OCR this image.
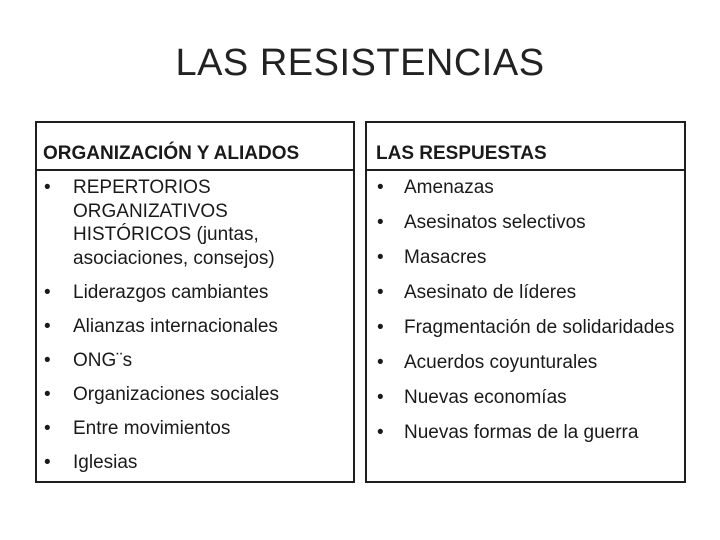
LAS RESISTENCIAS
ORGANIZACIÓN Y ALIADOS
• REPERTORIOS ORGANIZATIVOS HISTÓRICOS (juntas, asociaciones, consejos)
• Liderazgos cambiantes
• Alianzas internacionales
• ONG¨s
• Organizaciones sociales
• Entre movimientos
• Iglesias
LAS RESPUESTAS
• Amenazas
• Asesinatos selectivos
• Masacres
• Asesinato de líderes
• Fragmentación de solidaridades
• Acuerdos coyunturales
• Nuevas economías
• Nuevas formas de la guerra
